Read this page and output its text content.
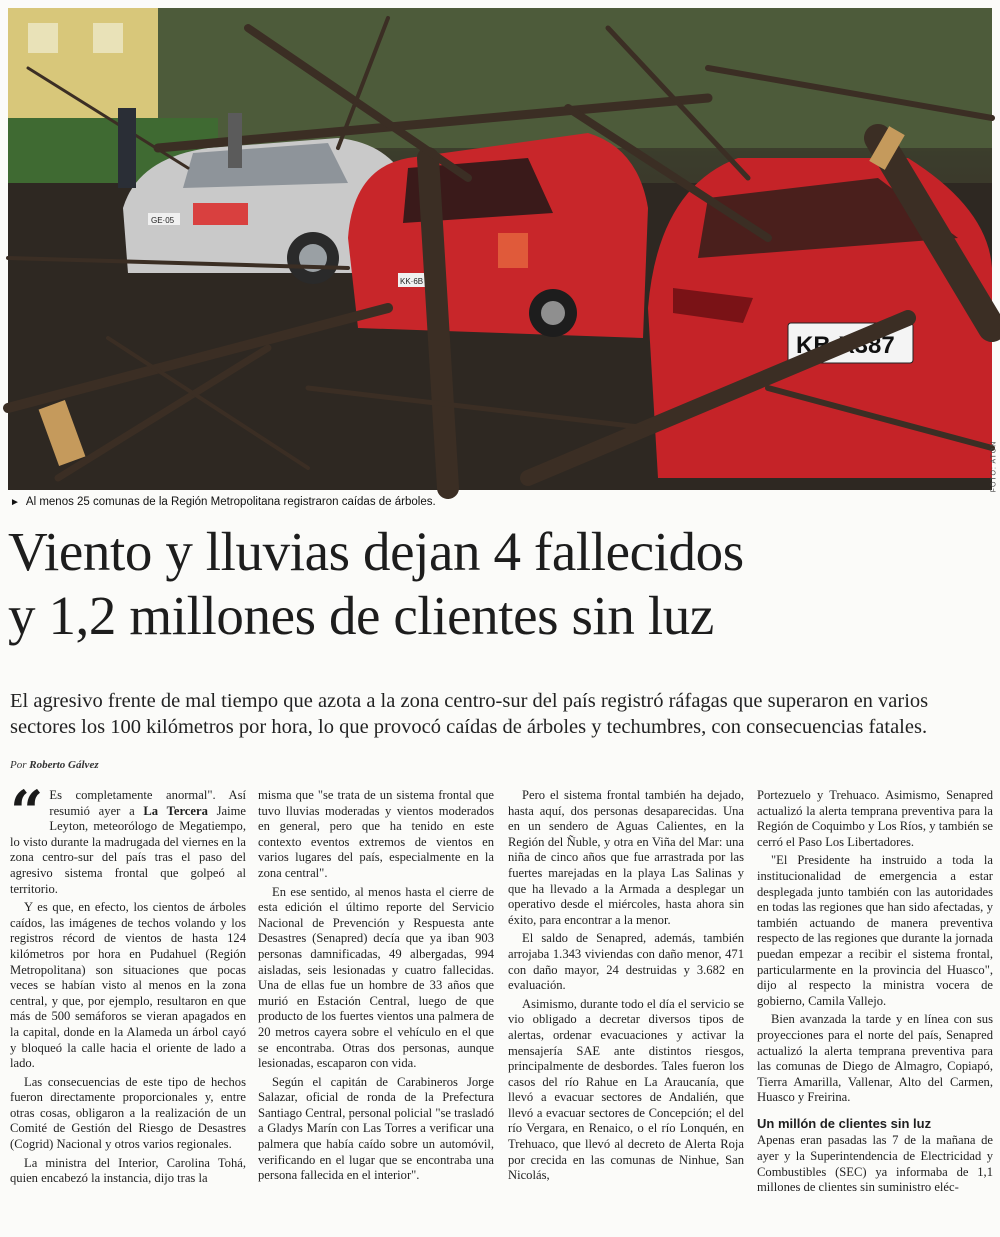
GE·05
KK·6B
KB·X387
FOTO: ATON
► Al menos 25 comunas de la Región Metropolitana registraron caídas de árboles.
Viento y lluvias dejan 4 fallecidos
y 1,2 millones de clientes sin luz

El agresivo frente de mal tiempo que azota a la zona centro-sur del país registró ráfagas que superaron en varios sectores los 100 kilómetros por hora, lo que provocó caídas de árboles y techumbres, con consecuencias fatales.

Por Roberto Gálvez

“ Es completamente anormal". Así resumió ayer a La Tercera Jaime Leyton, meteorólogo de Megatiempo, lo visto durante la madrugada del viernes en la zona centro-sur del país tras el paso del agresivo sistema frontal que golpeó al territorio.

Y es que, en efecto, los cientos de árboles caídos, las imágenes de techos volando y los registros récord de vientos de hasta 124 kilómetros por hora en Pudahuel (Región Metropolitana) son situaciones que pocas veces se habían visto al menos en la zona central, y que, por ejemplo, resultaron en que más de 500 semáforos se vieran apagados en la capital, donde en la Alameda un árbol cayó y bloqueó la calle hacia el oriente de lado a lado.

Las consecuencias de este tipo de hechos fueron directamente proporcionales y, entre otras cosas, obligaron a la realización de un Comité de Gestión del Riesgo de Desastres (Cogrid) Nacional y otros varios regionales.

La ministra del Interior, Carolina Tohá, quien encabezó la instancia, dijo tras la

misma que "se trata de un sistema frontal que tuvo lluvias moderadas y vientos moderados en general, pero que ha tenido en este contexto eventos extremos de vientos en varios lugares del país, especialmente en la zona central".

En ese sentido, al menos hasta el cierre de esta edición el último reporte del Servicio Nacional de Prevención y Respuesta ante Desastres (Senapred) decía que ya iban 903 personas damnificadas, 49 albergadas, 994 aisladas, seis lesionadas y cuatro fallecidas. Una de ellas fue un hombre de 33 años que murió en Estación Central, luego de que producto de los fuertes vientos una palmera de 20 metros cayera sobre el vehículo en el que se encontraba. Otras dos personas, aunque lesionadas, escaparon con vida.

Según el capitán de Carabineros Jorge Salazar, oficial de ronda de la Prefectura Santiago Central, personal policial "se trasladó a Gladys Marín con Las Torres a verificar una palmera que había caído sobre un automóvil, verificando en el lugar que se encontraba una persona fallecida en el interior".

Pero el sistema frontal también ha dejado, hasta aquí, dos personas desaparecidas. Una en un sendero de Aguas Calientes, en la Región del Ñuble, y otra en Viña del Mar: una niña de cinco años que fue arrastrada por las fuertes marejadas en la playa Las Salinas y que ha llevado a la Armada a desplegar un operativo desde el miércoles, hasta ahora sin éxito, para encontrar a la menor.

El saldo de Senapred, además, también arrojaba 1.343 viviendas con daño menor, 471 con daño mayor, 24 destruidas y 3.682 en evaluación.

Asimismo, durante todo el día el servicio se vio obligado a decretar diversos tipos de alertas, ordenar evacuaciones y activar la mensajería SAE ante distintos riesgos, principalmente de desbordes. Tales fueron los casos del río Rahue en La Araucanía, que llevó a evacuar sectores de Andalién, que llevó a evacuar sectores de Concepción; el del río Vergara, en Renaico, o el río Lonquén, en Trehuaco, que llevó al decreto de Alerta Roja por crecida en las comunas de Ninhue, San Nicolás,

Portezuelo y Trehuaco. Asimismo, Senapred actualizó la alerta temprana preventiva para la Región de Coquimbo y Los Ríos, y también se cerró el Paso Los Libertadores.

"El Presidente ha instruido a toda la institucionalidad de emergencia a estar desplegada junto también con las autoridades en todas las regiones que han sido afectadas, y también actuando de manera preventiva respecto de las regiones que durante la jornada puedan empezar a recibir el sistema frontal, particularmente en la provincia del Huasco", dijo al respecto la ministra vocera de gobierno, Camila Vallejo.

Bien avanzada la tarde y en línea con sus proyecciones para el norte del país, Senapred actualizó la alerta temprana preventiva para las comunas de Diego de Almagro, Copiapó, Tierra Amarilla, Vallenar, Alto del Carmen, Huasco y Freirina.

Un millón de clientes sin luz

Apenas eran pasadas las 7 de la mañana de ayer y la Superintendencia de Electricidad y Combustibles (SEC) ya informaba de 1,1 millones de clientes sin suministro eléc-
